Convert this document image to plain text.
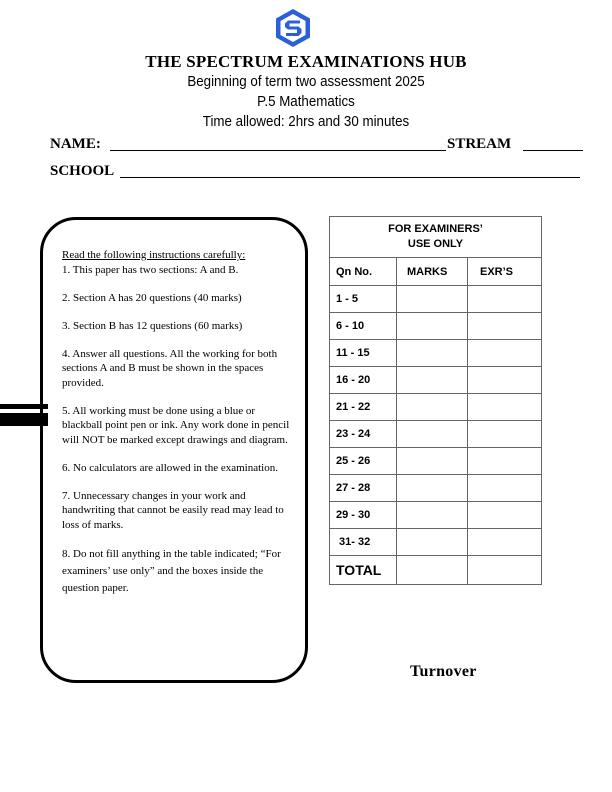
THE SPECTRUM EXAMINATIONS HUB
Beginning of term two assessment 2025
P.5 Mathematics
Time allowed: 2hrs and 30 minutes
NAME:	STREAM
SCHOOL

Read the following instructions carefully:

1. This paper has two sections: A and B.

2. Section A has 20 questions (40 marks)

3. Section B has 12 questions (60 marks)

4. Answer all questions. All the working for both sections A and B must be shown in the spaces provided.

5. All working must be done using a blue or blackball point pen or ink. Any work done in pencil will NOT be marked except drawings and diagram.

6. No calculators are allowed in the examination.

7. Unnecessary changes in your work and handwriting that cannot be easily read may lead to loss of marks.

8. Do not fill anything in the table indicated; “For examiners’ use only” and the boxes inside the question paper.

FOR EXAMINERS’
USE ONLY		

Qn No.	MARKS	EXR’S
1 - 5		
6 - 10		
11 - 15		
16 - 20		
21 - 22		
23 - 24		
25 - 26		
27 - 28		
29 - 30		
31- 32		
TOTAL		
Turnover
